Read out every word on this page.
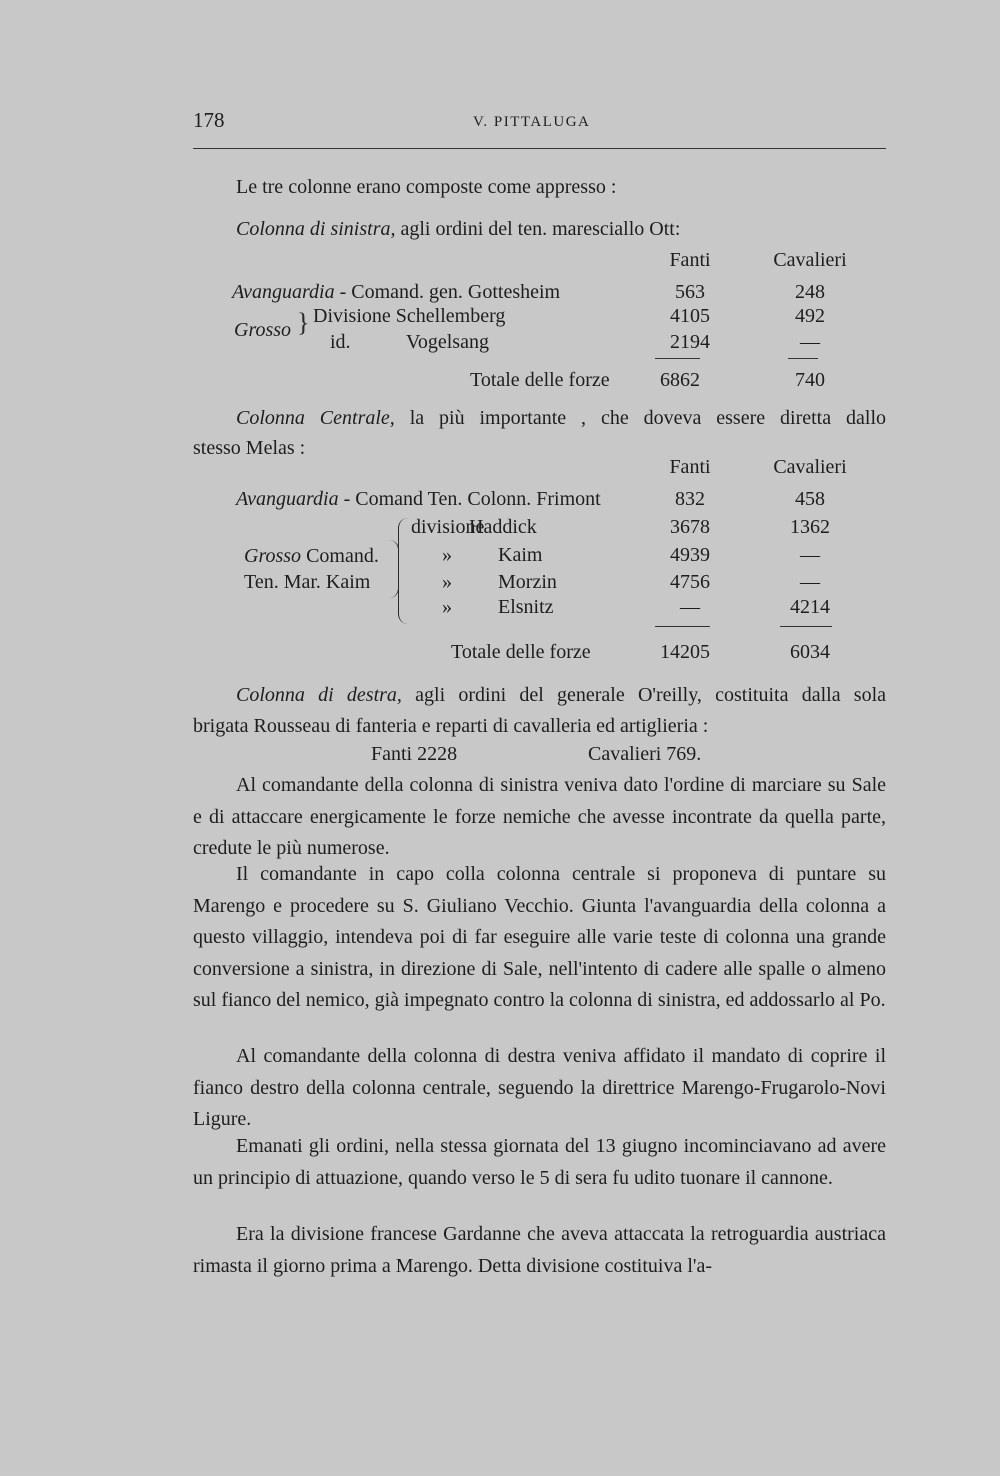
178	V. PITTALUGA
Le tre colonne erano composte come appresso :
Colonna di sinistra, agli ordini del ten. maresciallo Ott:
Fanti	Cavalieri
Avanguardia - Comand. gen. Gottesheim	563	248
Grosso } Divisione Schellemberg	4105	492
id.	Vogelsang	2194	—
Totale delle forze	6862	740
Colonna Centrale, la più importante , che doveva essere diretta dallo
stesso Melas :
Fanti	Cavalieri
Avanguardia - Comand Ten. Colonn. Frimont	832	458
Grosso Comand.
Ten. Mar. Kaim
divisione
Haddick	3678	1362
» Kaim	4939	—
» Morzin	4756	—
» Elsnitz	—	4214
Totale delle forze	14205	6034
Colonna di destra, agli ordini del generale O'reilly, costituita dalla sola
brigata Rousseau di fanteria e reparti di cavalleria ed artiglieria :
Fanti 2228	Cavalieri 769.
Al comandante della colonna di sinistra veniva dato l'ordine di marciare su Sale e di attaccare energicamente le forze nemiche che avesse incontrate da quella parte, credute le più numerose.
Il comandante in capo colla colonna centrale si proponeva di puntare su Marengo e procedere su S. Giuliano Vecchio. Giunta l'avanguardia della colonna a questo villaggio, intendeva poi di far eseguire alle varie teste di colonna una grande conversione a sinistra, in direzione di Sale, nell'intento di cadere alle spalle o almeno sul fianco del nemico, già impegnato contro la colonna di sinistra, ed addossarlo al Po.
Al comandante della colonna di destra veniva affidato il mandato di coprire il fianco destro della colonna centrale, seguendo la direttrice Marengo-Frugarolo-Novi Ligure.
Emanati gli ordini, nella stessa giornata del 13 giugno incominciavano ad avere un principio di attuazione, quando verso le 5 di sera fu udito tuonare il cannone.
Era la divisione francese Gardanne che aveva attaccata la retroguardia austriaca rimasta il giorno prima a Marengo. Detta divisione costituiva l'a-
